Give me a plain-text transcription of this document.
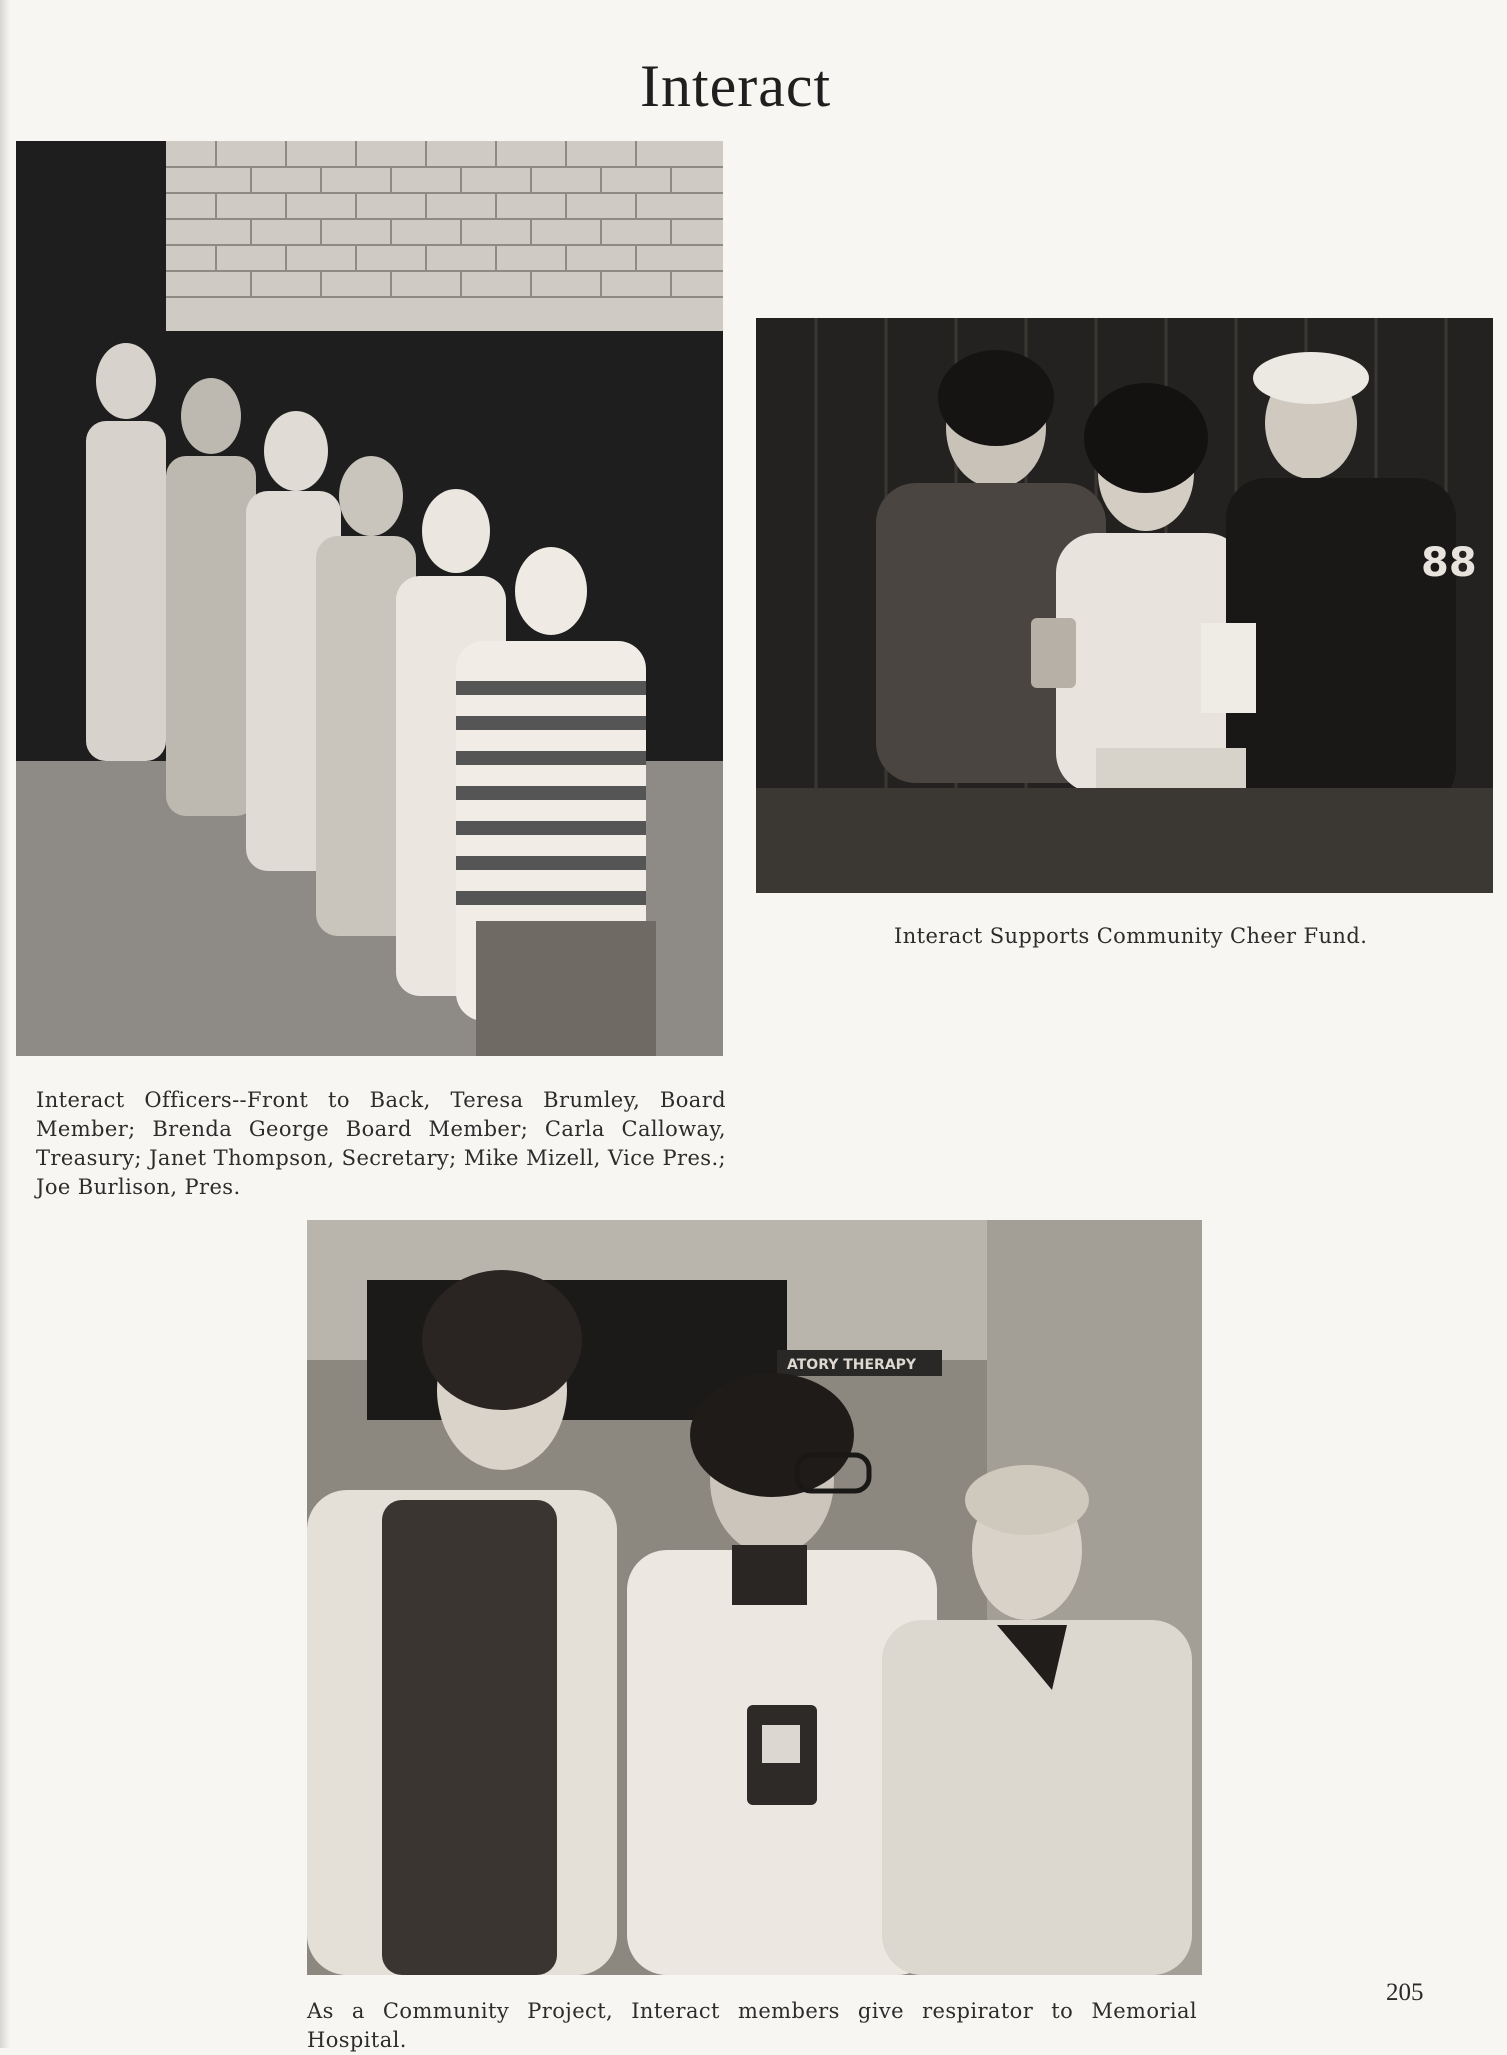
Interact
Interact Officers--Front to Back, Teresa Brumley, Board Member; Brenda George Board Member; Carla Calloway, Treasury; Janet Thompson, Secretary; Mike Mizell, Vice Pres.; Joe Burlison, Pres.
88
Interact Supports Community Cheer Fund.
ATORY THERAPY
As a Community Project, Interact members give respirator to Memorial Hospital.
205
